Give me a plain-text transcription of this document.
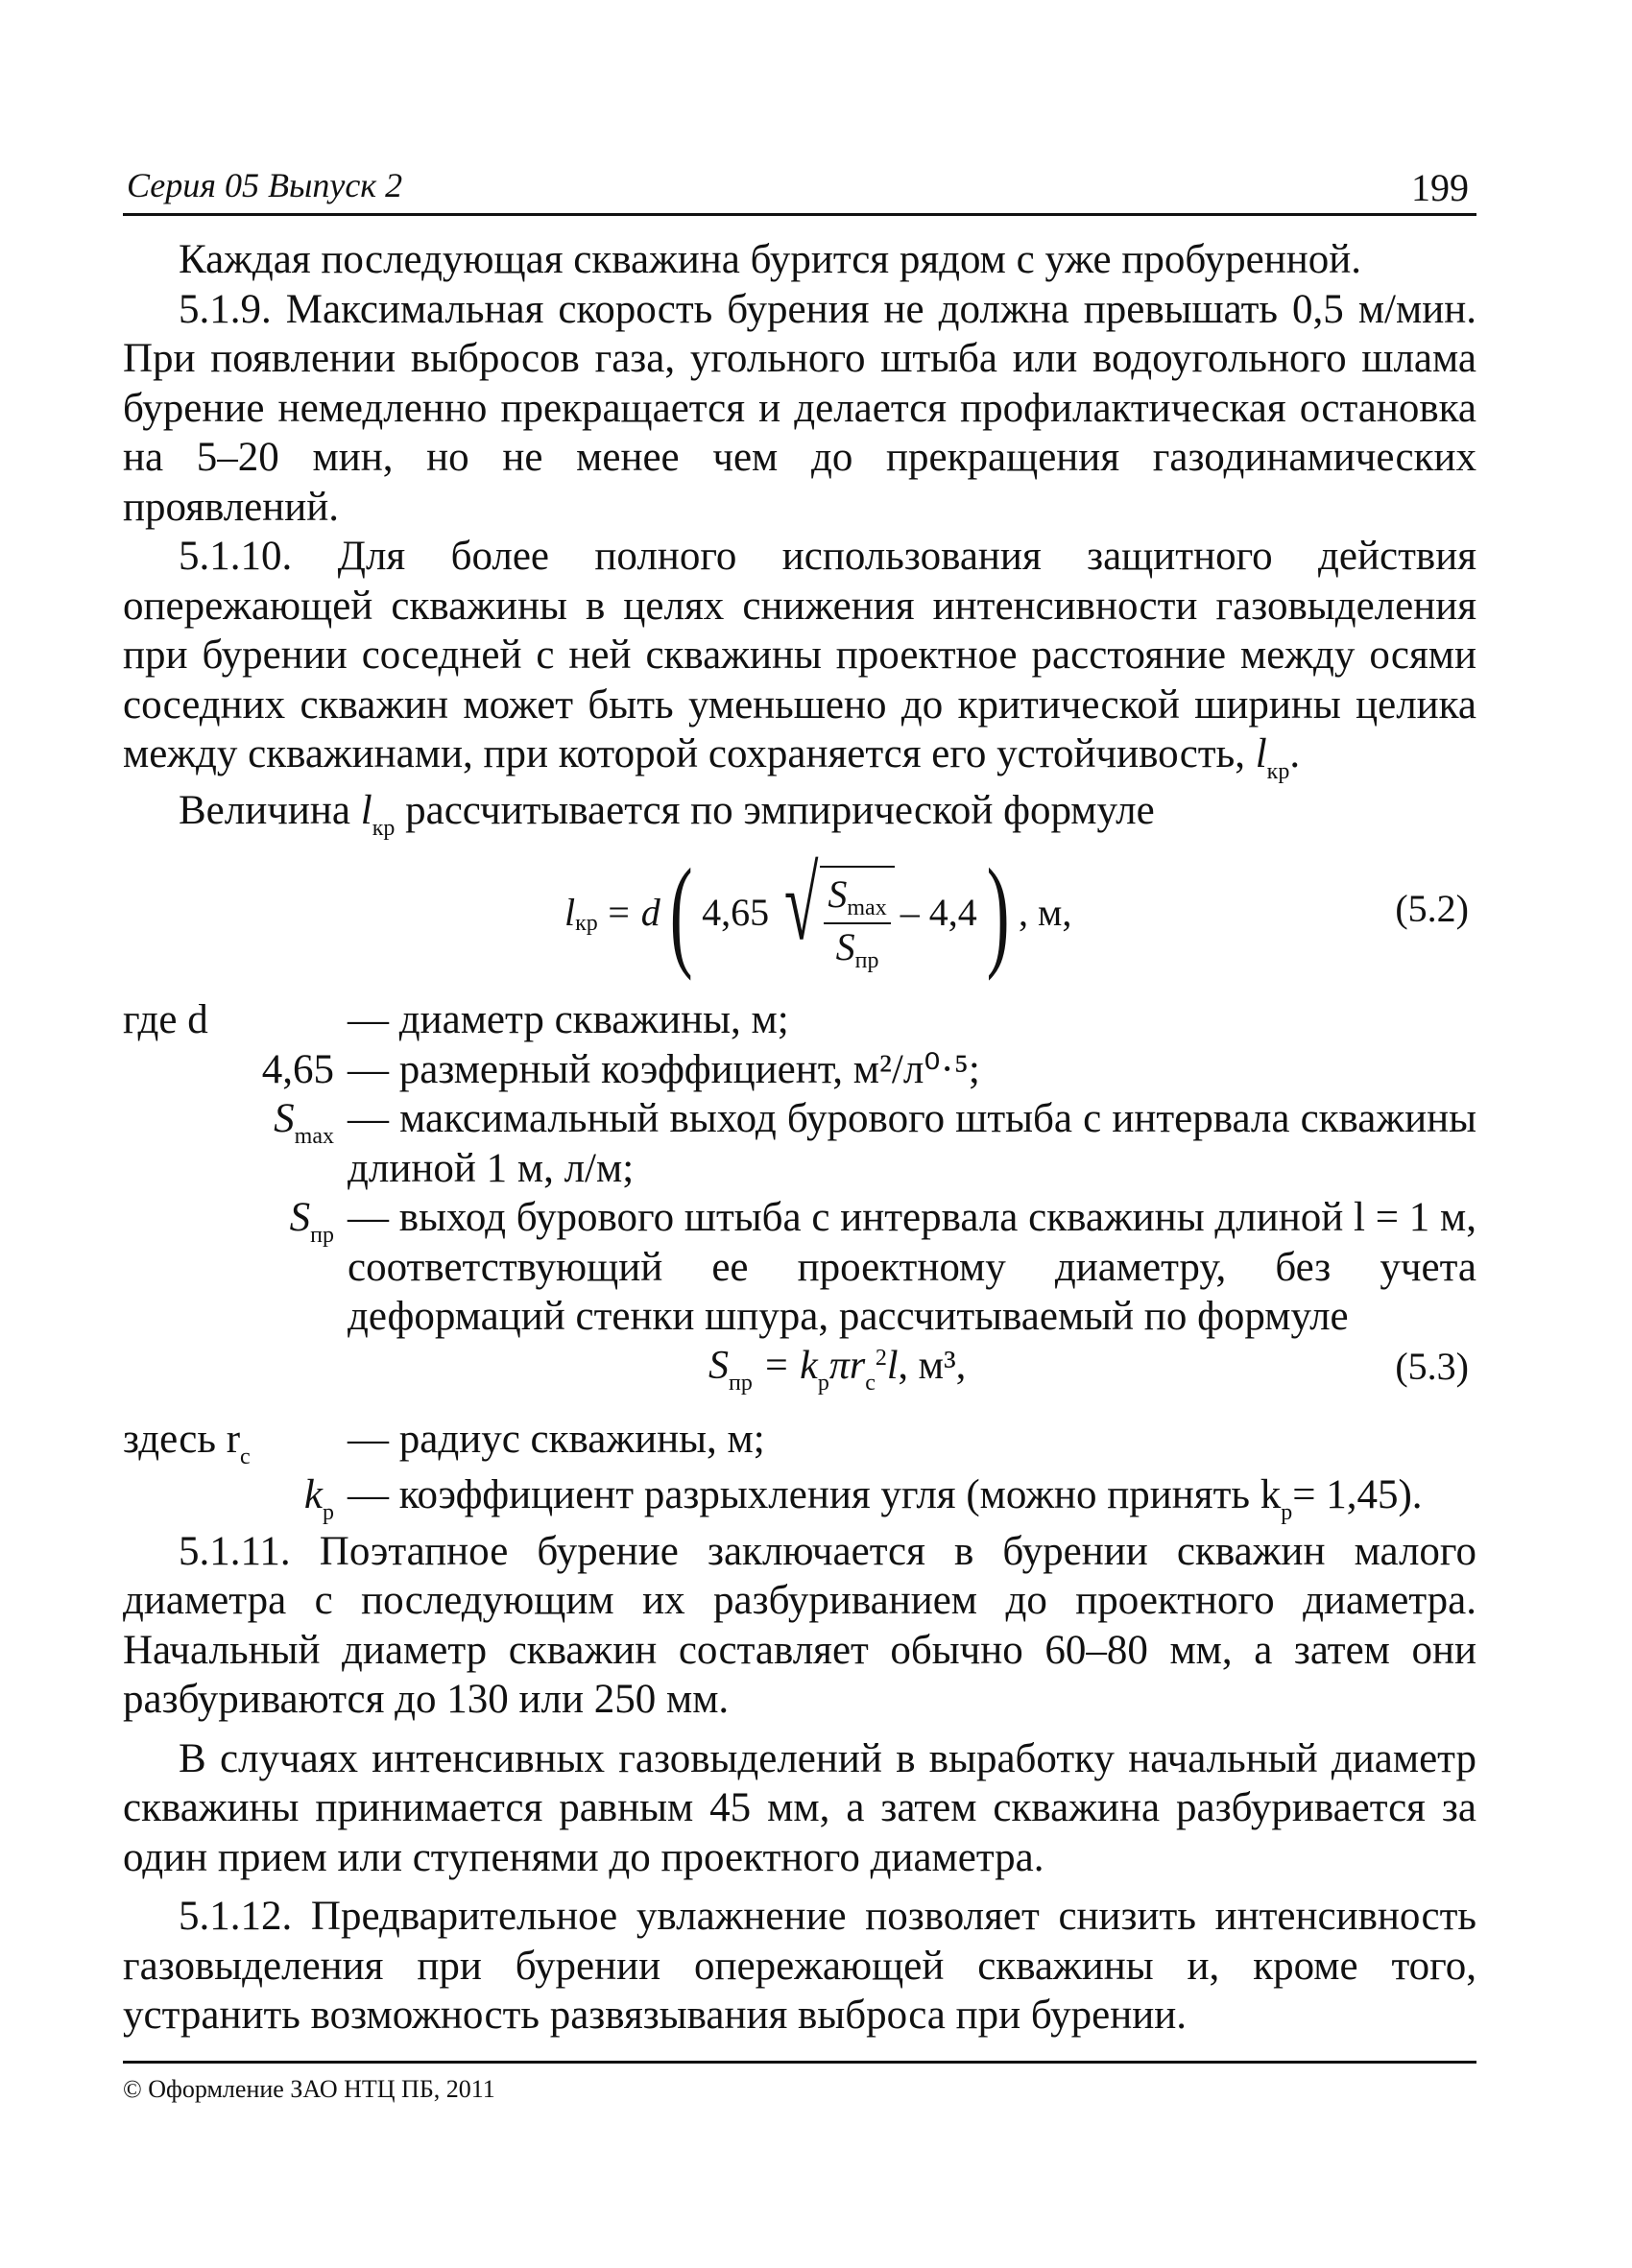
Серия 05 Выпуск 2	199

Каждая последующая скважина бурится рядом с уже пробуренной.

5.1.9. Максимальная скорость бурения не должна превышать 0,5 м/мин. При появлении выбросов газа, угольного штыба или водоугольного шлама бурение немедленно прекращается и делается профилактическая остановка на 5–20 мин, но не менее чем до прекращения газодинамических проявлений.

5.1.10. Для более полного использования защитного действия опережающей скважины в целях снижения интенсивности газовыделения при бурении соседней с ней скважины проектное расстояние между осями соседних скважин может быть уменьшено до критической ширины целика между скважинами, при которой сохраняется его устойчивость, $l_{кр}$.

Величина $l_{кр}$ рассчитывается по эмпирической формуле

l кр = d ( 4,65 √ $\frac{S_{max}}{S_{пр}} - 4,4$ ) , м,	(5.2)
где d	— диаметр скважины, м;
4,65 — размерный коэффициент, м²/л⁰·⁵;
$S_{max}$ — максимальный выход бурового штыба с интервала скважины длиной 1 м, л/м;
$S_{пр}$ — выход бурового штыба с интервала скважины длиной l = 1 м, соответствующий ее проектному диаметру, без учета деформаций стенки шпура, рассчитываемый по формуле
$S_{пр} = k_р\pi r_с^2l$, м³,	(5.3)
здесь $r_с$	— радиус скважины, м;
$k_р$ — коэффициент разрыхления угля (можно принять $k_р= 1,45$).

5.1.11. Поэтапное бурение заключается в бурении скважин малого диаметра с последующим их разбуриванием до проектного диаметра. Начальный диаметр скважин составляет обычно 60–80 мм, а затем они разбуриваются до 130 или 250 мм.

В случаях интенсивных газовыделений в выработку начальный диаметр скважины принимается равным 45 мм, а затем скважина разбуривается за один прием или ступенями до проектного диаметра.

5.1.12. Предварительное увлажнение позволяет снизить интенсивность газовыделения при бурении опережающей скважины и, кроме того, устранить возможность развязывания выброса при бурении.

© Оформление ЗАО НТЦ ПБ, 2011
